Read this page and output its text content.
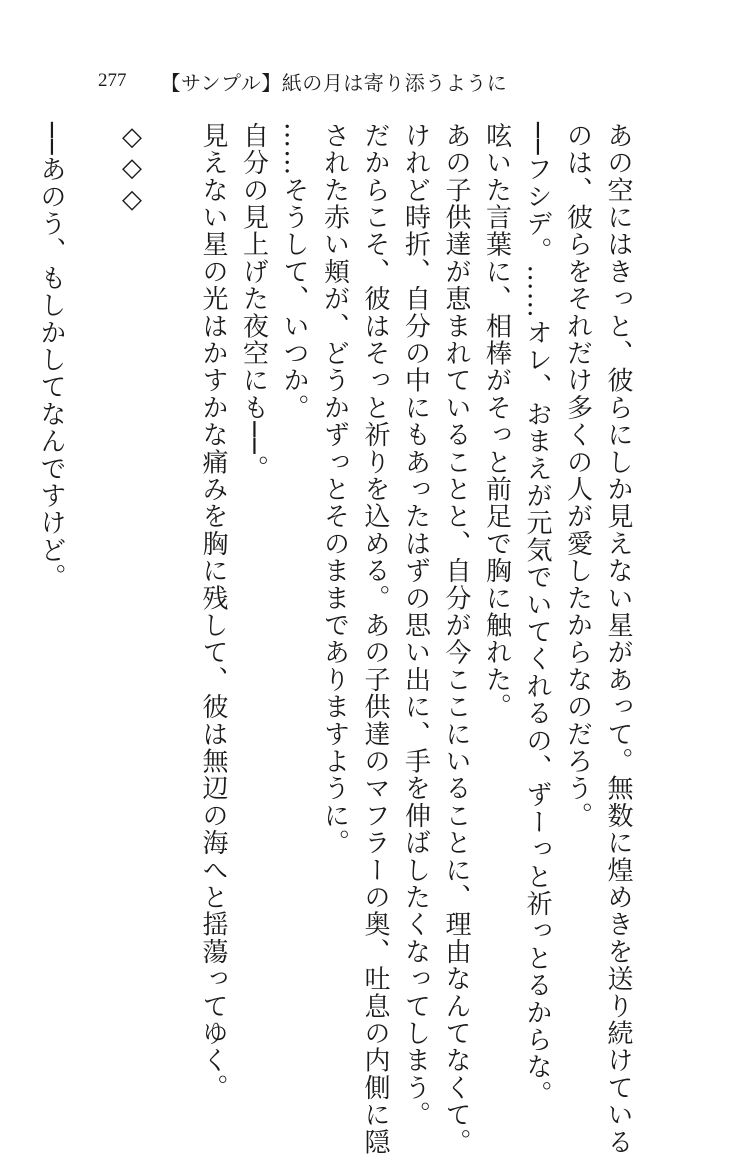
277 【サンプル】紙の月は寄り添うように
あの空にはきっと、彼らにしか見えない星があって。無数に煌めきを送り続けている
のは、彼らをそれだけ多くの人が愛したからなのだろう。
──フシデ。……オレ、おまえが元気でいてくれるの、ずーっと祈っとるからな。
呟いた言葉に、相棒がそっと前足で胸に触れた。
あの子供達が恵まれていることと、自分が今ここにいることに、理由なんてなくて。
けれど時折、自分の中にもあったはずの思い出に、手を伸ばしたくなってしまう。
だからこそ、彼はそっと祈りを込める。あの子供達のマフラーの奥、吐息の内側に隠
された赤い頬が、どうかずっとそのままでありますように。
……そうして、いつか。
自分の見上げた夜空にも──。
見えない星の光はかすかな痛みを胸に残して、彼は無辺の海へと揺蕩ってゆく。
◇◇◇
──あのう、もしかしてなんですけど。
